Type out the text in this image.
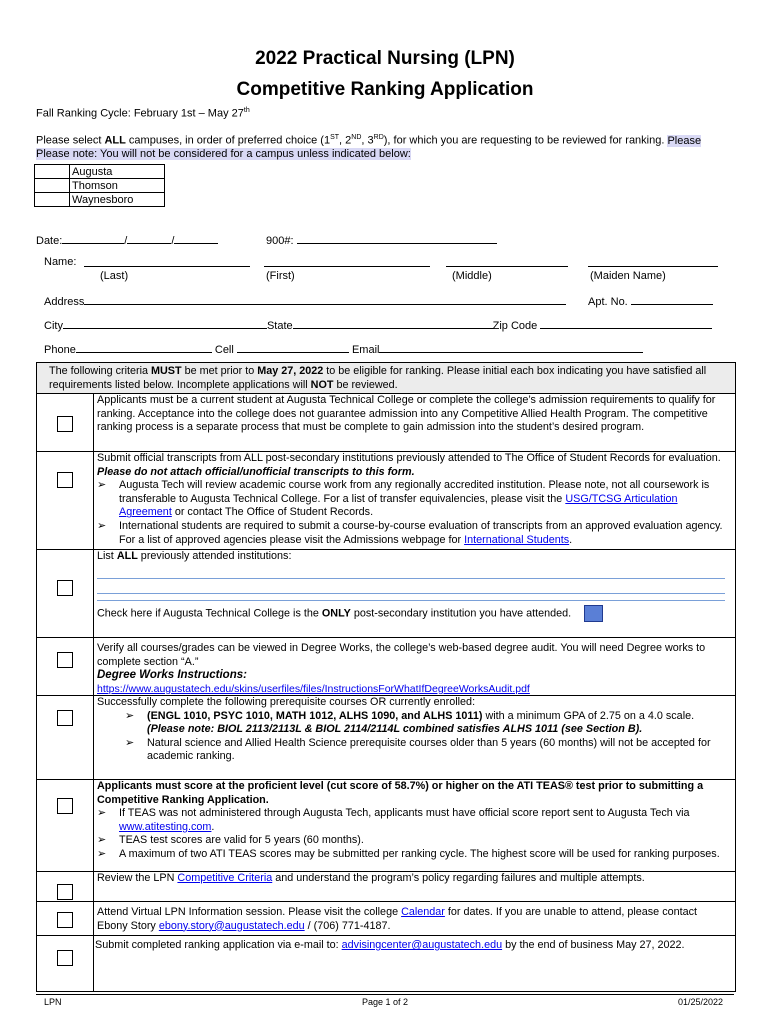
2022 Practical Nursing (LPN)
Competitive Ranking Application
Fall Ranking Cycle: February 1st – May 27th
Please select ALL campuses, in order of preferred choice (1ST, 2ND, 3RD), for which you are requesting to be reviewed for ranking. Please
Please note: You will not be considered for a campus unless indicated below:
	Augusta
	Thomson
	Waynesboro
Date:	/	/	900#:
Name:
(Last)	(First)	(Middle)	(Maiden Name)
Address	Apt. No.
City	State	Zip Code
Phone	Cell	Email
The following criteria MUST be met prior to May 27, 2022 to be eligible for ranking. Please initial each box indicating you have satisfied all requirements listed below. Incomplete applications will NOT be reviewed.
Applicants must be a current student at Augusta Technical College or complete the college’s admission requirements to qualify for ranking. Acceptance into the college does not guarantee admission into any Competitive Allied Health Program. The competitive ranking process is a separate process that must be complete to gain admission into the student’s desired program.
Submit official transcripts from ALL post-secondary institutions previously attended to The Office of Student Records for evaluation. Please do not attach official/unofficial transcripts to this form.
➢ Augusta Tech will review academic course work from any regionally accredited institution. Please note, not all coursework is transferable to Augusta Technical College. For a list of transfer equivalencies, please visit the USG/TCSG Articulation Agreement or contact The Office of Student Records.
➢ International students are required to submit a course-by-course evaluation of transcripts from an approved evaluation agency. For a list of approved agencies please visit the Admissions webpage for International Students.
List ALL previously attended institutions:
Check here if Augusta Technical College is the ONLY post-secondary institution you have attended.
Verify all courses/grades can be viewed in Degree Works, the college’s web-based degree audit. You will need Degree works to complete section “A.”
Degree Works Instructions:
https://www.augustatech.edu/skins/userfiles/files/InstructionsForWhatIfDegreeWorksAudit.pdf
Successfully complete the following prerequisite courses OR currently enrolled:
➢ (ENGL 1010, PSYC 1010, MATH 1012, ALHS 1090, and ALHS 1011) with a minimum GPA of 2.75 on a 4.0 scale. (Please note: BIOL 2113/2113L & BIOL 2114/2114L combined satisfies ALHS 1011 (see Section B).
➢ Natural science and Allied Health Science prerequisite courses older than 5 years (60 months) will not be accepted for academic ranking.
Applicants must score at the proficient level (cut score of 58.7%) or higher on the ATI TEAS® test prior to submitting a Competitive Ranking Application.
➢ If TEAS was not administered through Augusta Tech, applicants must have official score report sent to Augusta Tech via www.atitesting.com.
➢ TEAS test scores are valid for 5 years (60 months).
➢ A maximum of two ATI TEAS scores may be submitted per ranking cycle. The highest score will be used for ranking purposes.
Review the LPN Competitive Criteria and understand the program’s policy regarding failures and multiple attempts.
Attend Virtual LPN Information session. Please visit the college Calendar for dates. If you are unable to attend, please contact Ebony Story ebony.story@augustatech.edu / (706) 771-4187.
Submit completed ranking application via e-mail to: advisingcenter@augustatech.edu by the end of business May 27, 2022.
LPN	Page 1 of 2	01/25/2022
